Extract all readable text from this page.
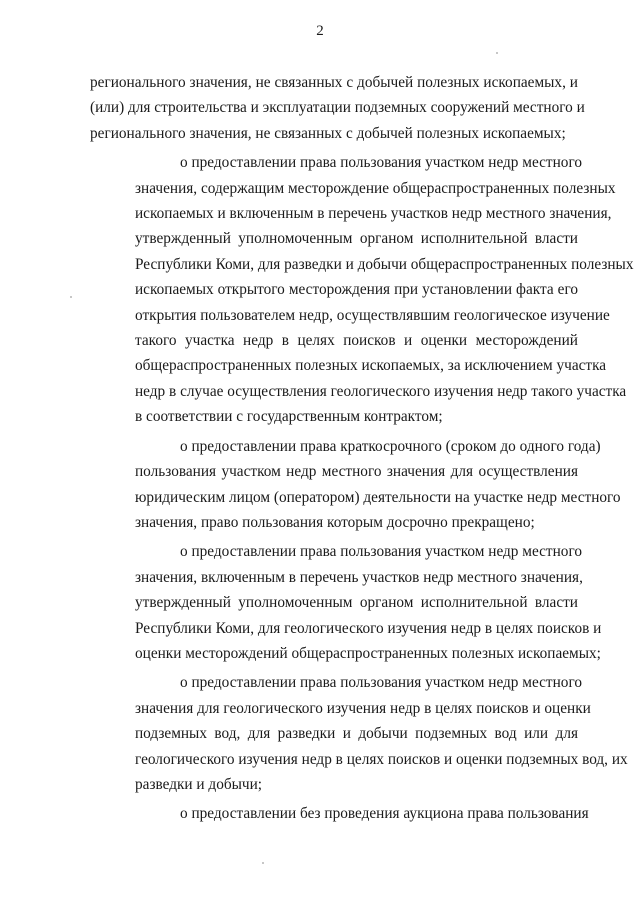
2
регионального значения, не связанных с добычей полезных ископаемых, и
(или) для строительства и эксплуатации подземных сооружений местного и
регионального значения, не связанных с добычей полезных ископаемых;
о предоставлении права пользования участком недр местного
значения, содержащим месторождение общераспространенных полезных
ископаемых и включенным в перечень участков недр местного значения,
утвержденный уполномоченным органом исполнительной власти
Республики Коми, для разведки и добычи общераспространенных полезных
ископаемых открытого месторождения при установлении факта его
открытия пользователем недр, осуществлявшим геологическое изучение
такого участка недр в целях поисков и оценки месторождений
общераспространенных полезных ископаемых, за исключением участка
недр в случае осуществления геологического изучения недр такого участка
в соответствии с государственным контрактом;
о предоставлении права краткосрочного (сроком до одного года)
пользования участком недр местного значения для осуществления
юридическим лицом (оператором) деятельности на участке недр местного
значения, право пользования которым досрочно прекращено;
о предоставлении права пользования участком недр местного
значения, включенным в перечень участков недр местного значения,
утвержденный уполномоченным органом исполнительной власти
Республики Коми, для геологического изучения недр в целях поисков и
оценки месторождений общераспространенных полезных ископаемых;
о предоставлении права пользования участком недр местного
значения для геологического изучения недр в целях поисков и оценки
подземных вод, для разведки и добычи подземных вод или для
геологического изучения недр в целях поисков и оценки подземных вод, их
разведки и добычи;
о предоставлении без проведения аукциона права пользования
